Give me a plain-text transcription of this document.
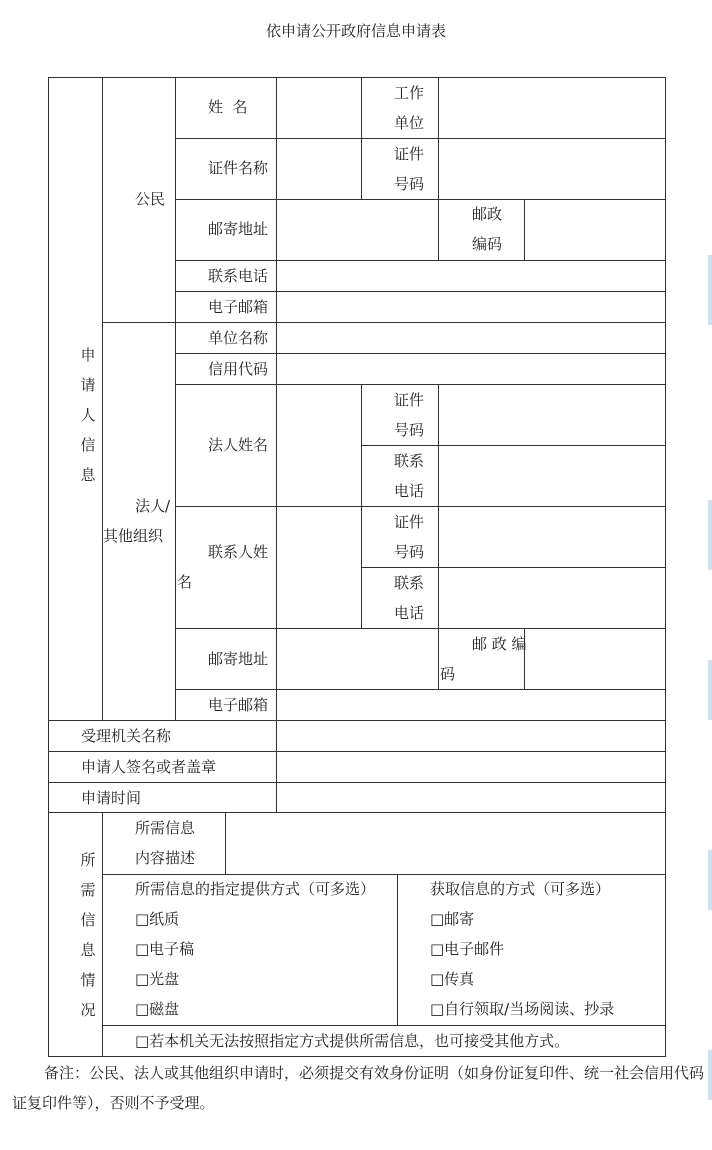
依申请公开政府信息申请表
申请人信息
所需信息情况
公民
姓  名
工作
单位
证件名称
证件
号码
邮寄地址
邮政
编码
联系电话
电子邮箱
法人/
其他组织
单位名称
信用代码
法人姓名
证件
号码
联系
电话
联系人姓
名
证件
号码
联系
电话
邮寄地址
邮 政 编
码
电子邮箱
受理机关名称
申请人签名或者盖章
申请时间
所需信息
内容描述
所需信息的指定提供方式（可多选）
□纸质
□电子稿
□光盘
□磁盘
获取信息的方式（可多选）
□邮寄
□电子邮件
□传真
□自行领取/当场阅读、抄录
□若本机关无法按照指定方式提供所需信息，也可接受其他方式。
备注：公民、法人或其他组织申请时，必须提交有效身份证明（如身份证复印件、统一社会信用代码证复印件等），否则不予受理。
